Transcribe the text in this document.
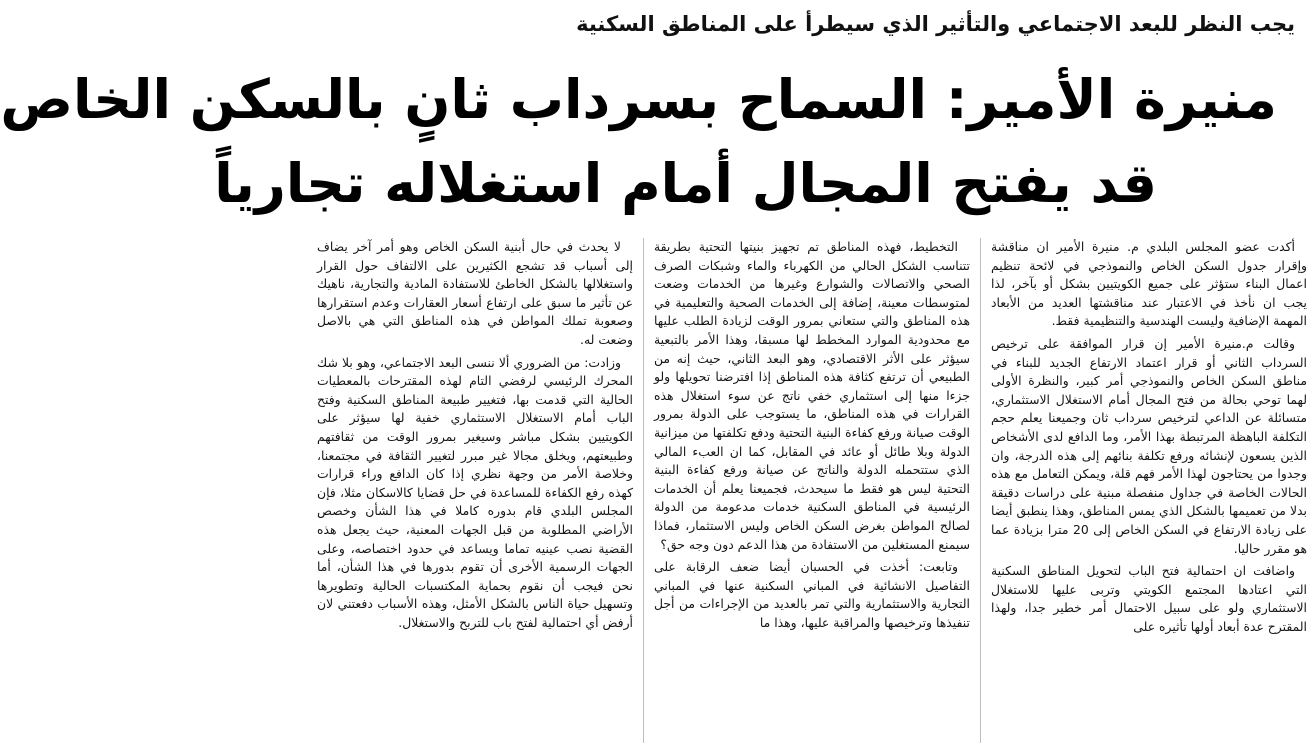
يجب النظر للبعد الاجتماعي والتأثير الذي سيطرأ على المناطق السكنية
منيرة الأمير: السماح بسرداب ثانٍ بالسكن الخاص
قد يفتح المجال أمام استغلاله تجارياً

أكدت عضو المجلس البلدي م. منيرة الأمير ان مناقشة وإقرار جدول السكن الخاص والنموذجي في لائحة تنظيم اعمال البناء ستؤثر على جميع الكويتيين بشكل أو بآخر، لذا يجب ان نأخذ في الاعتبار عند مناقشتها العديد من الأبعاد المهمة الإضافية وليست الهندسية والتنظيمية فقط.

وقالت م.منيرة الأمير إن قرار الموافقة على ترخيص السرداب الثاني أو قرار اعتماد الارتفاع الجديد للبناء في مناطق السكن الخاص والنموذجي أمر كبير، والنظرة الأولى لهما توحي بحالة من فتح المجال أمام الاستغلال الاستثماري، متسائلة عن الداعي لترخيص سرداب ثان وجميعنا يعلم حجم التكلفة الباهظة المرتبطة بهذا الأمر، وما الدافع لدى الأشخاص الذين يسعون لإنشائه ورفع تكلفة بنائهم إلى هذه الدرجة، وان وجدوا من يحتاجون لهذا الأمر فهم قلة، ويمكن التعامل مع هذه الحالات الخاصة في جداول منفصلة مبنية على دراسات دقيقة بدلا من تعميمها بالشكل الذي يمس المناطق، وهذا ينطبق أيضا على زيادة الارتفاع في السكن الخاص إلى 20 مترا بزيادة عما هو مقرر حاليا.

واضافت ان احتمالية فتح الباب لتحويل المناطق السكنية التي اعتادها المجتمع الكويتي وتربى عليها للاستغلال الاستثماري ولو على سبيل الاحتمال أمر خطير جدا، ولهذا المقترح عدة أبعاد أولها تأثيره على

التخطيط، فهذه المناطق تم تجهيز بنيتها التحتية بطريقة تتناسب الشكل الحالي من الكهرباء والماء وشبكات الصرف الصحي والاتصالات والشوارع وغيرها من الخدمات وضعت لمتوسطات معينة، إضافة إلى الخدمات الصحية والتعليمية في هذه المناطق والتي ستعاني بمرور الوقت لزيادة الطلب عليها مع محدودية الموارد المخطط لها مسبقا، وهذا الأمر بالتبعية سيؤثر على الأثر الاقتصادي، وهو البعد الثاني، حيث إنه من الطبيعي أن ترتفع كثافة هذه المناطق إذا افترضنا تحويلها ولو جزءا منها إلى استثماري خفي ناتج عن سوء استغلال هذه القرارات في هذه المناطق، ما يستوجب على الدولة بمرور الوقت صيانة ورفع كفاءة البنية التحتية ودفع تكلفتها من ميزانية الدولة وبلا طائل أو عائد في المقابل، كما ان العبء المالي الذي ستتحمله الدولة والناتج عن صيانة ورفع كفاءة البنية التحتية ليس هو فقط ما سيحدث، فجميعنا يعلم أن الخدمات الرئيسية في المناطق السكنية خدمات مدعومة من الدولة لصالح المواطن بغرض السكن الخاص وليس الاستثمار، فماذا سيمنع المستغلين من الاستفادة من هذا الدعم دون وجه حق؟

وتابعت: أخذت في الحسبان أيضا ضعف الرقابة على التفاصيل الانشائية في المباني السكنية عنها في المباني التجارية والاستثمارية والتي تمر بالعديد من الإجراءات من أجل تنفيذها وترخيصها والمراقبة عليها، وهذا ما

لا يحدث في حال أبنية السكن الخاص وهو أمر آخر يضاف إلى أسباب قد تشجع الكثيرين على الالتفاف حول القرار واستغلالها بالشكل الخاطئ للاستفادة المادية والتجارية، ناهيك عن تأثير ما سبق على ارتفاع أسعار العقارات وعدم استقرارها وصعوبة تملك المواطن في هذه المناطق التي هي بالاصل وضعت له.

وزادت: من الضروري ألا ننسى البعد الاجتماعي، وهو بلا شك المحرك الرئيسي لرفضي التام لهذه المقترحات بالمعطيات الحالية التي قدمت بها، فتغيير طبيعة المناطق السكنية وفتح الباب أمام الاستغلال الاستثماري خفية لها سيؤثر على الكويتيين بشكل مباشر وسيغير بمرور الوقت من ثقافتهم وطبيعتهم، ويخلق مجالا غير مبرر لتغيير الثقافة في مجتمعنا، وخلاصة الأمر من وجهة نظري إذا كان الدافع وراء قرارات كهذه رفع الكفاءة للمساعدة في حل قضايا كالاسكان مثلا، فإن المجلس البلدي قام بدوره كاملا في هذا الشأن وخصص الأراضي المطلوبة من قبل الجهات المعنية، حيث يجعل هذه القضية نصب عينيه تماما ويساعد في حدود اختصاصه، وعلى الجهات الرسمية الأخرى أن تقوم بدورها في هذا الشأن، أما نحن فيجب أن نقوم بحماية المكتسبات الحالية وتطويرها وتسهيل حياة الناس بالشكل الأمثل، وهذه الأسباب دفعتني لان أرفض أي احتمالية لفتح باب للتربح والاستغلال.
